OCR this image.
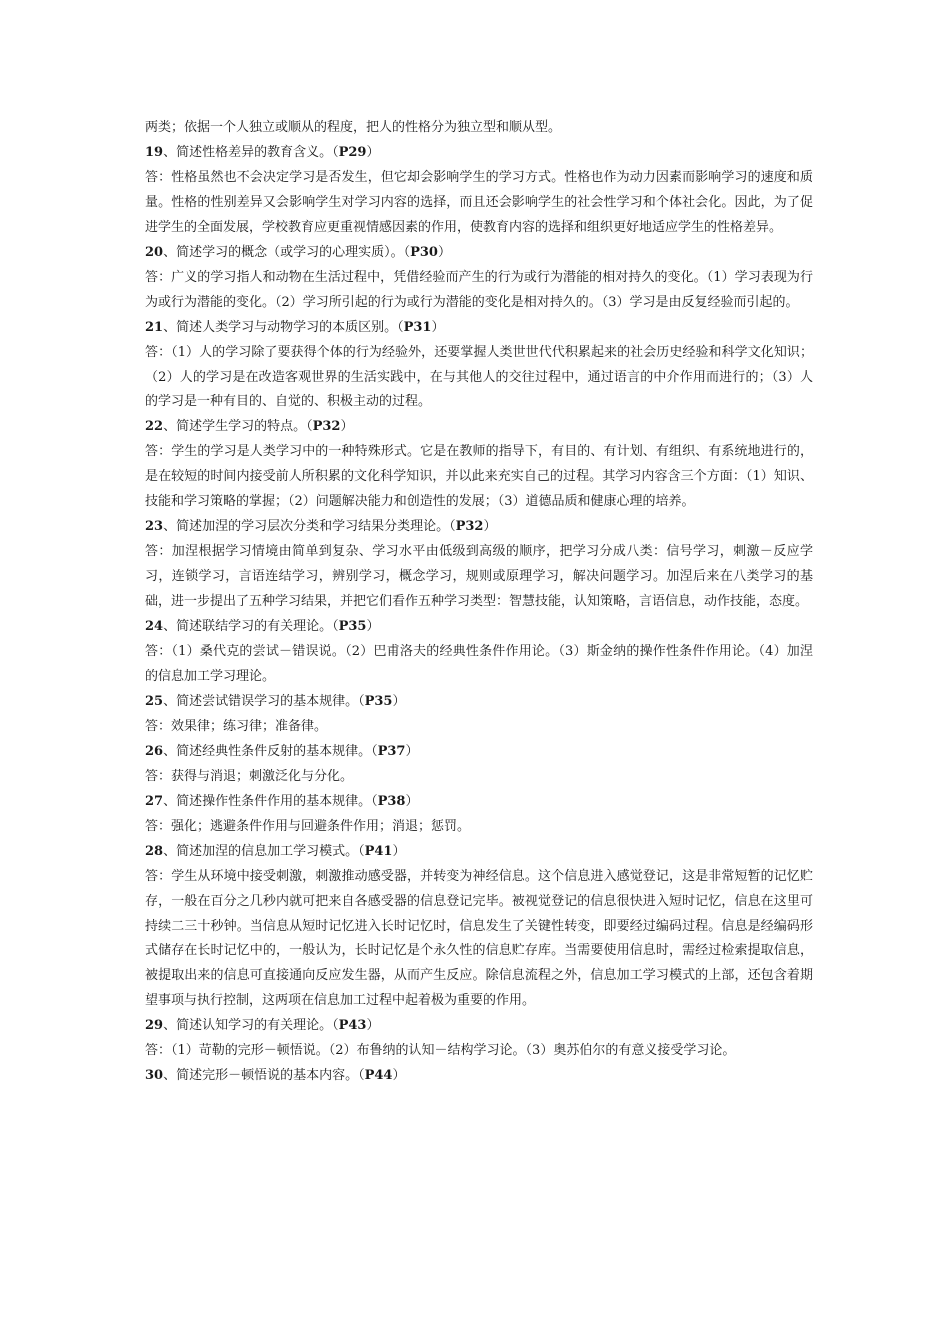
两类；依据一个人独立或顺从的程度，把人的性格分为独立型和顺从型。

19、简述性格差异的教育含义。（P29）

答：性格虽然也不会决定学习是否发生，但它却会影响学生的学习方式。性格也作为动力因素而影响学习的速度和质量。性格的性别差异又会影响学生对学习内容的选择，而且还会影响学生的社会性学习和个体社会化。因此，为了促进学生的全面发展，学校教育应更重视情感因素的作用，使教育内容的选择和组织更好地适应学生的性格差异。

20、简述学习的概念（或学习的心理实质）。（P30）

答：广义的学习指人和动物在生活过程中，凭借经验而产生的行为或行为潜能的相对持久的变化。（1）学习表现为行为或行为潜能的变化。（2）学习所引起的行为或行为潜能的变化是相对持久的。（3）学习是由反复经验而引起的。

21、简述人类学习与动物学习的本质区别。（P31）

答：（1）人的学习除了要获得个体的行为经验外，还要掌握人类世世代代积累起来的社会历史经验和科学文化知识；（2）人的学习是在改造客观世界的生活实践中，在与其他人的交往过程中，通过语言的中介作用而进行的；（3）人的学习是一种有目的、自觉的、积极主动的过程。

22、简述学生学习的特点。（P32）

答：学生的学习是人类学习中的一种特殊形式。它是在教师的指导下，有目的、有计划、有组织、有系统地进行的，是在较短的时间内接受前人所积累的文化科学知识，并以此来充实自己的过程。其学习内容含三个方面：（1）知识、技能和学习策略的掌握；（2）问题解决能力和创造性的发展；（3）道德品质和健康心理的培养。

23、简述加涅的学习层次分类和学习结果分类理论。（P32）

答：加涅根据学习情境由简单到复杂、学习水平由低级到高级的顺序，把学习分成八类：信号学习，刺激－反应学习，连锁学习，言语连结学习，辨别学习，概念学习，规则或原理学习，解决问题学习。加涅后来在八类学习的基础，进一步提出了五种学习结果，并把它们看作五种学习类型：智慧技能，认知策略，言语信息，动作技能，态度。

24、简述联结学习的有关理论。（P35）

答：（1）桑代克的尝试－错误说。（2）巴甫洛夫的经典性条件作用论。（3）斯金纳的操作性条件作用论。（4）加涅的信息加工学习理论。

25、简述尝试错误学习的基本规律。（P35）

答：效果律；练习律；准备律。

26、简述经典性条件反射的基本规律。（P37）

答：获得与消退；刺激泛化与分化。

27、简述操作性条件作用的基本规律。（P38）

答：强化；逃避条件作用与回避条件作用；消退；惩罚。

28、简述加涅的信息加工学习模式。（P41）

答：学生从环境中接受刺激，刺激推动感受器，并转变为神经信息。这个信息进入感觉登记，这是非常短暂的记忆贮存，一般在百分之几秒内就可把来自各感受器的信息登记完毕。被视觉登记的信息很快进入短时记忆，信息在这里可持续二三十秒钟。当信息从短时记忆进入长时记忆时，信息发生了关键性转变，即要经过编码过程。信息是经编码形式储存在长时记忆中的，一般认为，长时记忆是个永久性的信息贮存库。当需要使用信息时，需经过检索提取信息，被提取出来的信息可直接通向反应发生器，从而产生反应。除信息流程之外，信息加工学习模式的上部，还包含着期望事项与执行控制，这两项在信息加工过程中起着极为重要的作用。

29、简述认知学习的有关理论。（P43）

答：（1）苛勒的完形－顿悟说。（2）布鲁纳的认知－结构学习论。（3）奥苏伯尔的有意义接受学习论。

30、简述完形－顿悟说的基本内容。（P44）
